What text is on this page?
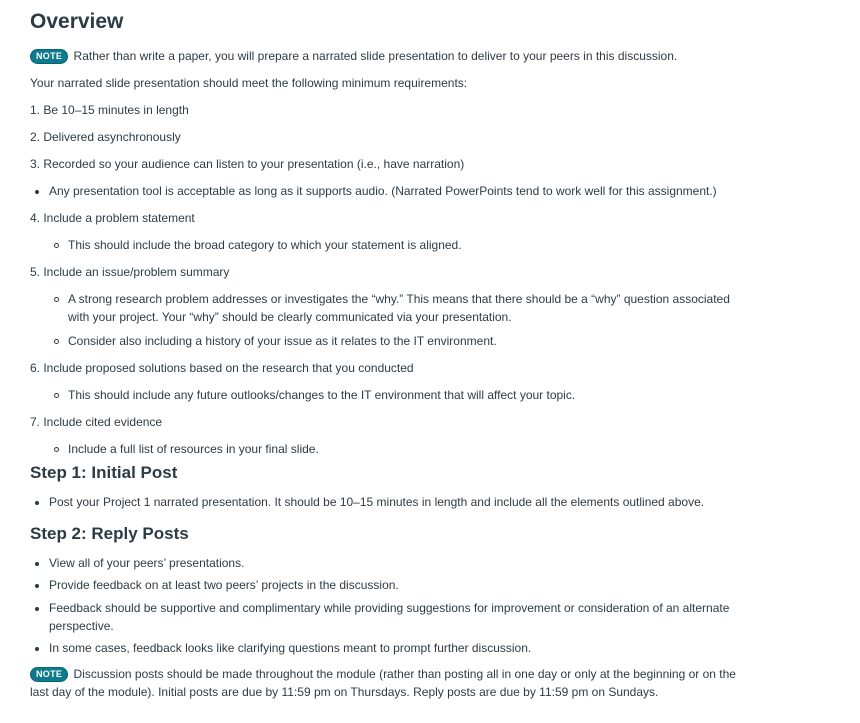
Overview

NOTE Rather than write a paper, you will prepare a narrated slide presentation to deliver to your peers in this discussion.

Your narrated slide presentation should meet the following minimum requirements:

1. Be 10–15 minutes in length

2. Delivered asynchronously

3. Recorded so your audience can listen to your presentation (i.e., have narration)

Any presentation tool is acceptable as long as it supports audio. (Narrated PowerPoints tend to work well for this assignment.)

4. Include a problem statement

This should include the broad category to which your statement is aligned.

5. Include an issue/problem summary

A strong research problem addresses or investigates the “why.” This means that there should be a “why” question associated with your project. Your “why” should be clearly communicated via your presentation.
Consider also including a history of your issue as it relates to the IT environment.

6. Include proposed solutions based on the research that you conducted

This should include any future outlooks/changes to the IT environment that will affect your topic.

7. Include cited evidence

Include a full list of resources in your final slide.
Step 1: Initial Post
Post your Project 1 narrated presentation. It should be 10–15 minutes in length and include all the elements outlined above.
Step 2: Reply Posts
View all of your peers’ presentations.
Provide feedback on at least two peers’ projects in the discussion.
Feedback should be supportive and complimentary while providing suggestions for improvement or consideration of an alternate perspective.
In some cases, feedback looks like clarifying questions meant to prompt further discussion.

NOTE Discussion posts should be made throughout the module (rather than posting all in one day or only at the beginning or on the last day of the module). Initial posts are due by 11:59 pm on Thursdays. Reply posts are due by 11:59 pm on Sundays.
